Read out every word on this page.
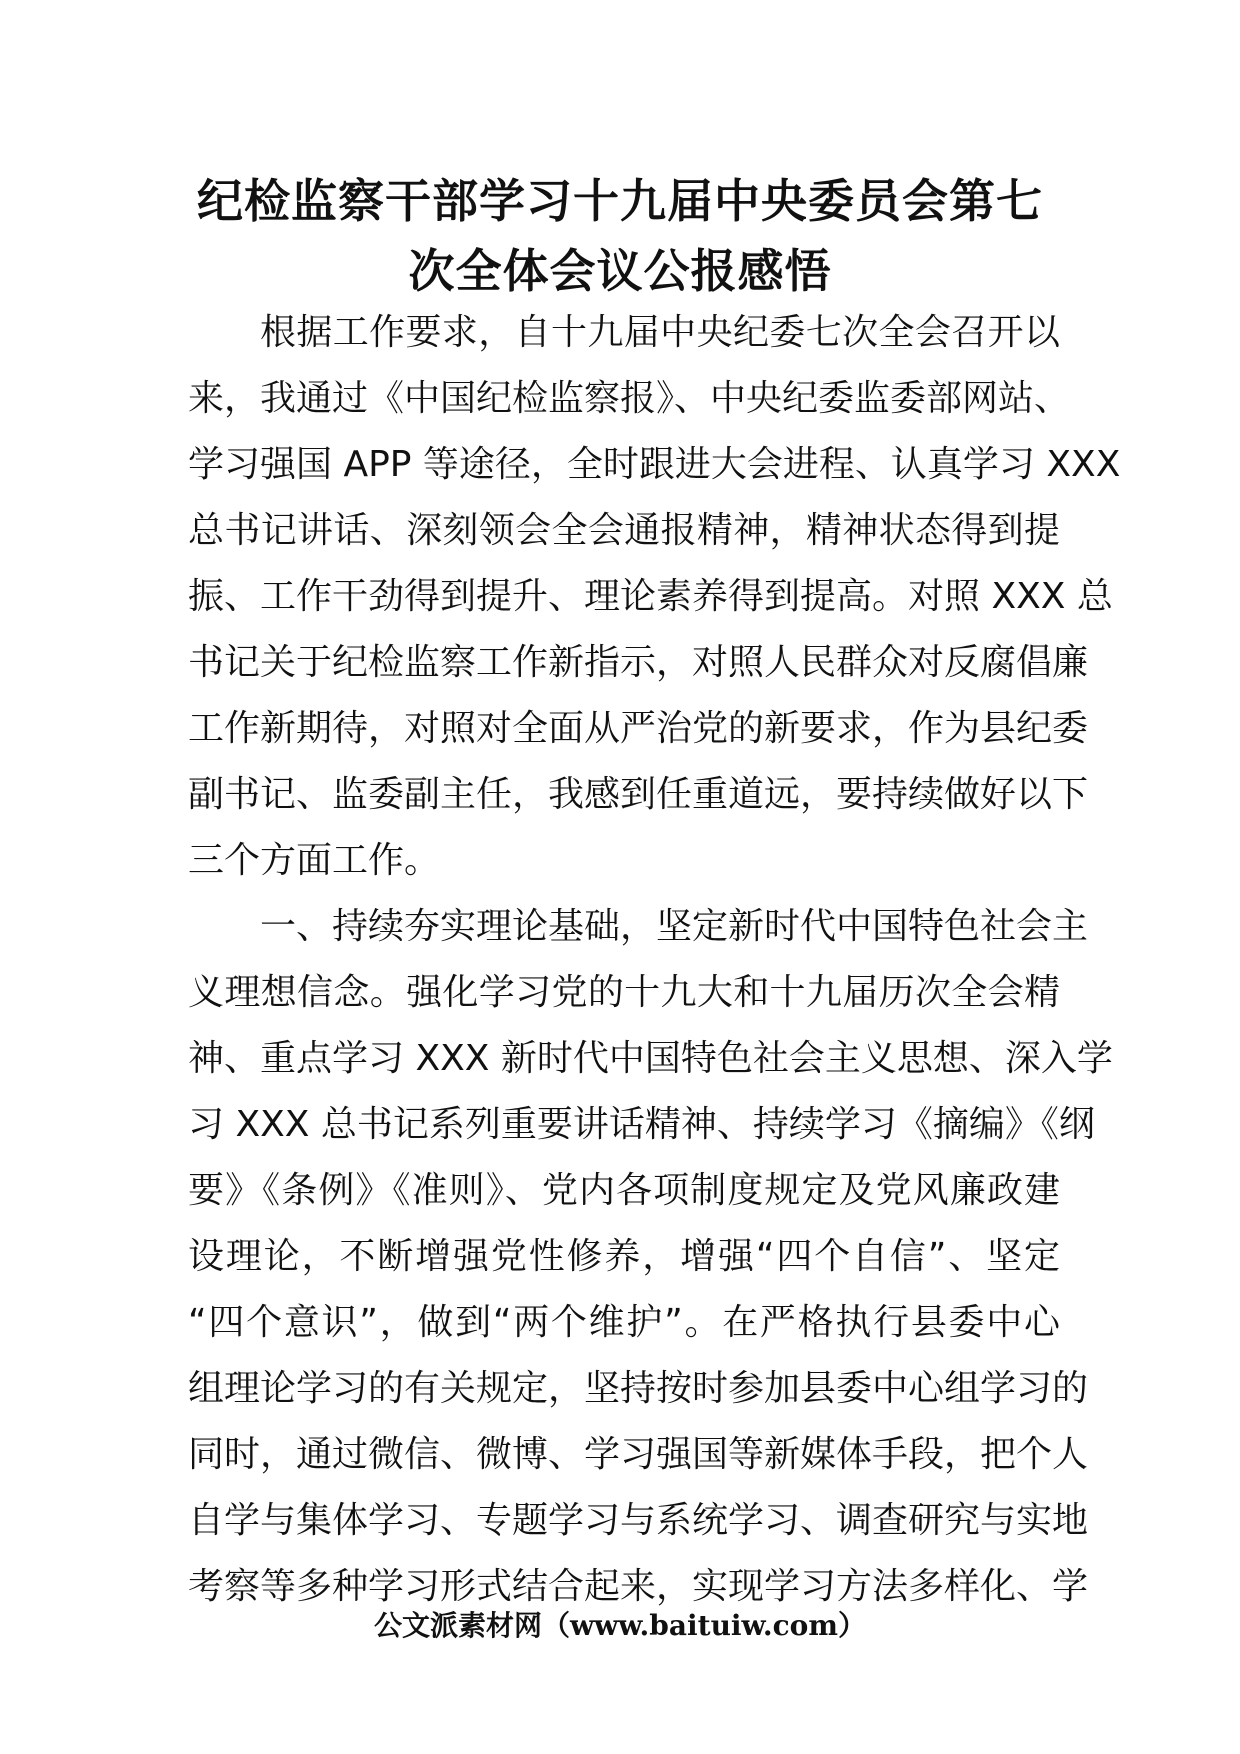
纪检监察干部学习十九届中央委员会第七
次全体会议公报感悟
根据工作要求，自十九届中央纪委七次全会召开以
来，我通过《中国纪检监察报》、中央纪委监委部网站、
学习强国 APP 等途径，全时跟进大会进程、认真学习 XXX
总书记讲话、深刻领会全会通报精神，精神状态得到提
振、工作干劲得到提升、理论素养得到提高。对照 XXX 总
书记关于纪检监察工作新指示，对照人民群众对反腐倡廉
工作新期待，对照对全面从严治党的新要求，作为县纪委
副书记、监委副主任，我感到任重道远，要持续做好以下
三个方面工作。
一、持续夯实理论基础，坚定新时代中国特色社会主
义理想信念。强化学习党的十九大和十九届历次全会精
神、重点学习 XXX 新时代中国特色社会主义思想、深入学
习 XXX 总书记系列重要讲话精神、持续学习《摘编》《纲
要》《条例》《准则》、党内各项制度规定及党风廉政建
设理论，不断增强党性修养，增强“四个自信”、坚定
“四个意识”，做到“两个维护”。在严格执行县委中心
组理论学习的有关规定，坚持按时参加县委中心组学习的
同时，通过微信、微博、学习强国等新媒体手段，把个人
自学与集体学习、专题学习与系统学习、调查研究与实地
考察等多种学习形式结合起来，实现学习方法多样化、学
公文派素材网（www.baituiw.com）
